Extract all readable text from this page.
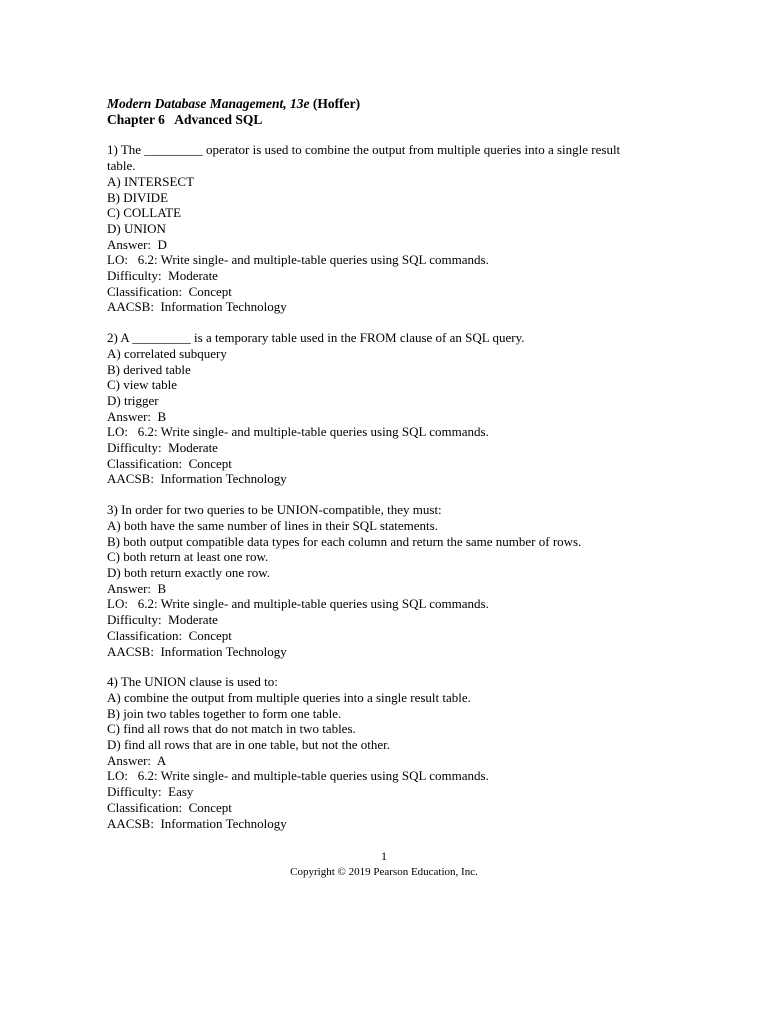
Modern Database Management, 13e (Hoffer)
Chapter 6 Advanced SQL
1) The _________ operator is used to combine the output from multiple queries into a single result
table.
A) INTERSECT
B) DIVIDE
C) COLLATE
D) UNION
Answer:  D
LO:   6.2: Write single- and multiple-table queries using SQL commands.
Difficulty:  Moderate
Classification:  Concept
AACSB:  Information Technology
2) A _________ is a temporary table used in the FROM clause of an SQL query.
A) correlated subquery
B) derived table
C) view table
D) trigger
Answer:  B
LO:   6.2: Write single- and multiple-table queries using SQL commands.
Difficulty:  Moderate
Classification:  Concept
AACSB:  Information Technology
3) In order for two queries to be UNION-compatible, they must:
A) both have the same number of lines in their SQL statements.
B) both output compatible data types for each column and return the same number of rows.
C) both return at least one row.
D) both return exactly one row.
Answer:  B
LO:   6.2: Write single- and multiple-table queries using SQL commands.
Difficulty:  Moderate
Classification:  Concept
AACSB:  Information Technology
4) The UNION clause is used to:
A) combine the output from multiple queries into a single result table.
B) join two tables together to form one table.
C) find all rows that do not match in two tables.
D) find all rows that are in one table, but not the other.
Answer:  A
LO:   6.2: Write single- and multiple-table queries using SQL commands.
Difficulty:  Easy
Classification:  Concept
AACSB:  Information Technology
1
Copyright © 2019 Pearson Education, Inc.
